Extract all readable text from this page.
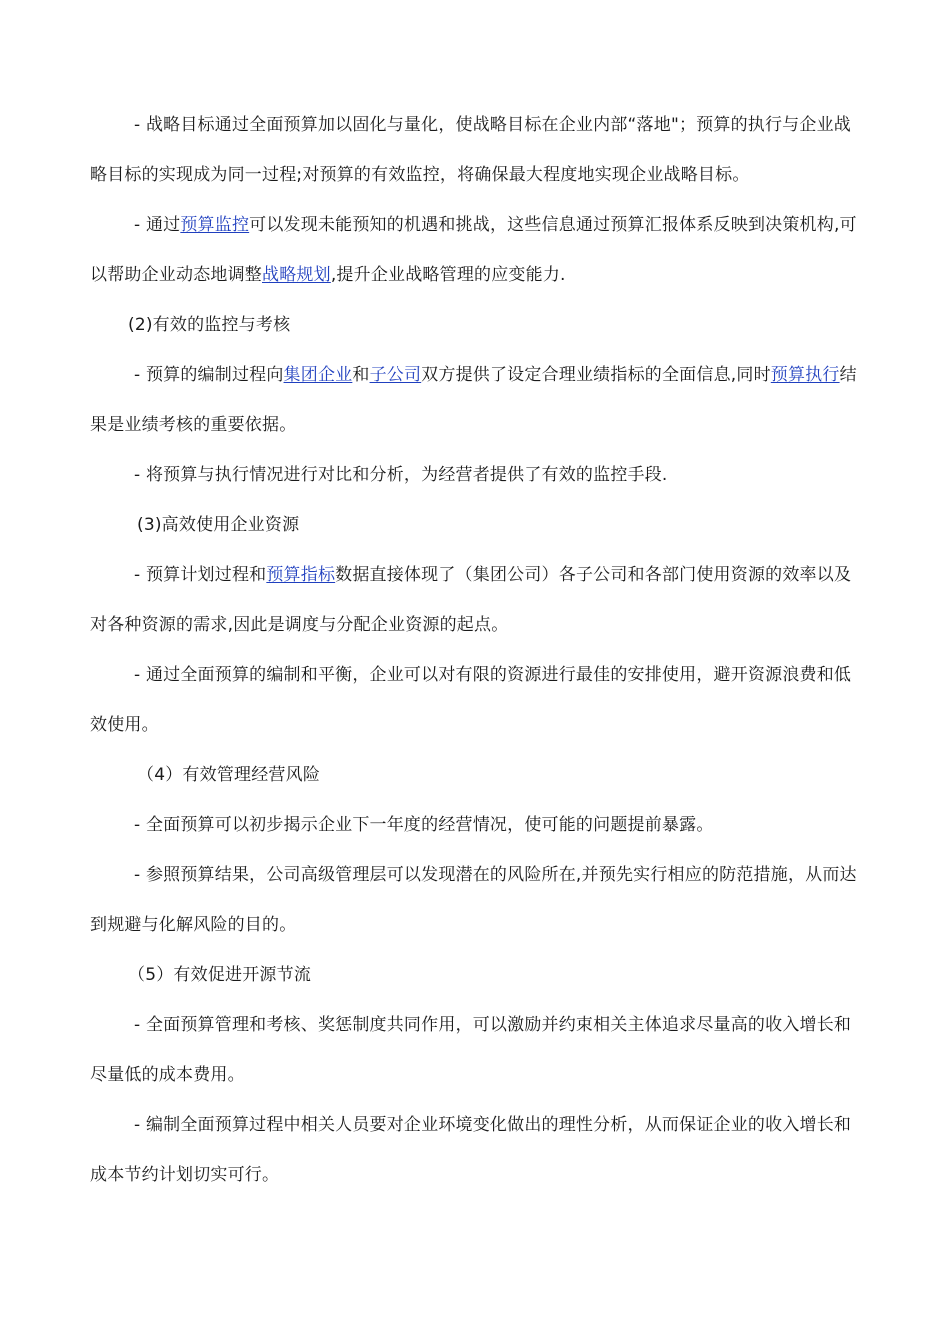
- 战略目标通过全面预算加以固化与量化，使战略目标在企业内部“落地"；预算的执行与企业战略目标的实现成为同一过程;对预算的有效监控，将确保最大程度地实现企业战略目标。

- 通过预算监控可以发现未能预知的机遇和挑战，这些信息通过预算汇报体系反映到决策机构,可以帮助企业动态地调整战略规划,提升企业战略管理的应变能力.

(2)有效的监控与考核

- 预算的编制过程向集团企业和子公司双方提供了设定合理业绩指标的全面信息,同时预算执行结果是业绩考核的重要依据。

- 将预算与执行情况进行对比和分析，为经营者提供了有效的监控手段.

(3)高效使用企业资源

- 预算计划过程和预算指标数据直接体现了（集团公司）各子公司和各部门使用资源的效率以及对各种资源的需求,因此是调度与分配企业资源的起点。

- 通过全面预算的编制和平衡，企业可以对有限的资源进行最佳的安排使用，避开资源浪费和低效使用。

（4）有效管理经营风险

- 全面预算可以初步揭示企业下一年度的经营情况，使可能的问题提前暴露。

- 参照预算结果，公司高级管理层可以发现潜在的风险所在,并预先实行相应的防范措施，从而达到规避与化解风险的目的。

（5）有效促进开源节流

- 全面预算管理和考核、奖惩制度共同作用，可以激励并约束相关主体追求尽量高的收入增长和尽量低的成本费用。

- 编制全面预算过程中相关人员要对企业环境变化做出的理性分析，从而保证企业的收入增长和成本节约计划切实可行。
